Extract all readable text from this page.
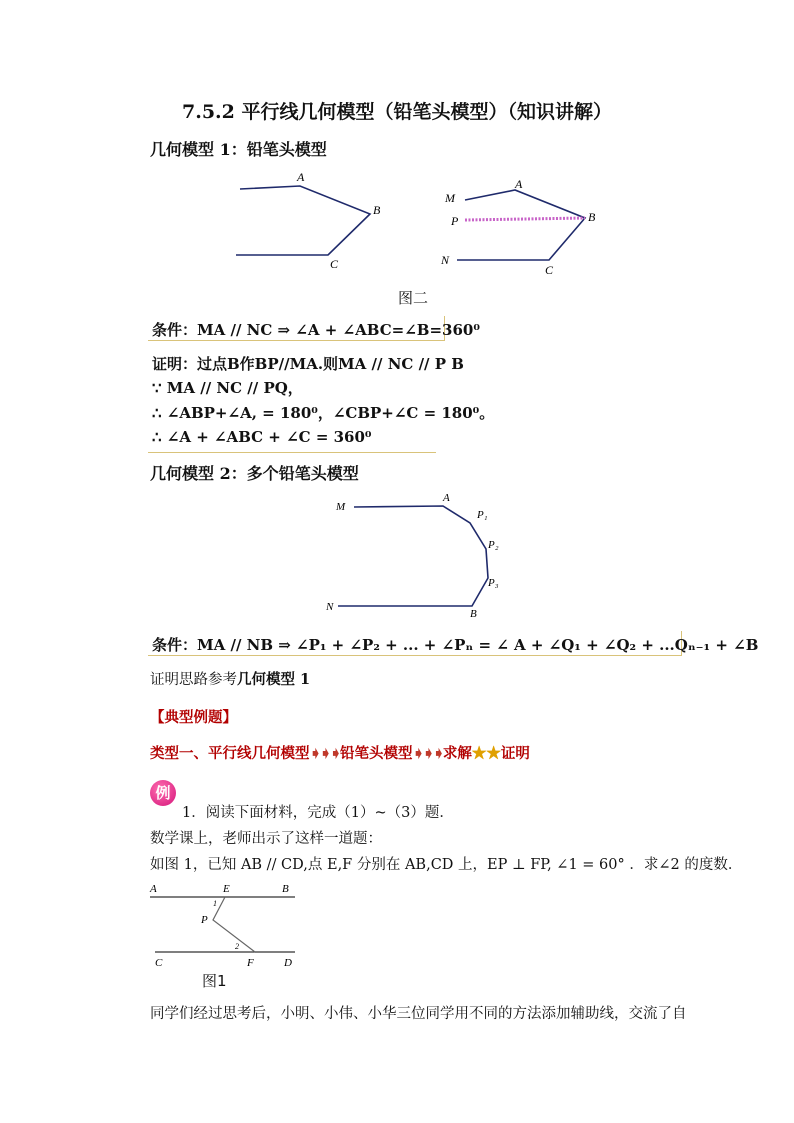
7.5.2 平行线几何模型（铅笔头模型）（知识讲解）
几何模型 1：铅笔头模型
A
B
C
M
A
P	B
N
C
图二
条件：MA // NC ⇒ ∠A + ∠ABC=∠B=360⁰
证明：过点B作BP//MA.则MA // NC // P B
∵ MA // NC // PQ，
∴ ∠ABP+∠A, = 180⁰，∠CBP+∠C = 180⁰。
∴ ∠A + ∠ABC + ∠C = 360⁰
几何模型 2：多个铅笔头模型
M
A
P₁
P₂
P₃
N
B
条件：MA // NB ⇒ ∠P₁ + ∠P₂ + ... + ∠Pₙ = ∠ A + ∠Q₁ + ∠Q₂ + ...Qₙ₋₁ + ∠B
证明思路参考几何模型 1
【典型例题】
类型一、平行线几何模型➧➧➧铅笔头模型➧➧➧求解★★证明
例
1．阅读下面材料，完成（1）~（3）题．
数学课上，老师出示了这样一道题：
如图 1，已知 AB // CD,点 E,F 分别在 AB,CD 上，EP ⊥ FP, ∠1 = 60° ．求∠2 的度数．
A	E	B
1
P
2
C	F	D
图1
同学们经过思考后，小明、小伟、小华三位同学用不同的方法添加辅助线，交流了自
